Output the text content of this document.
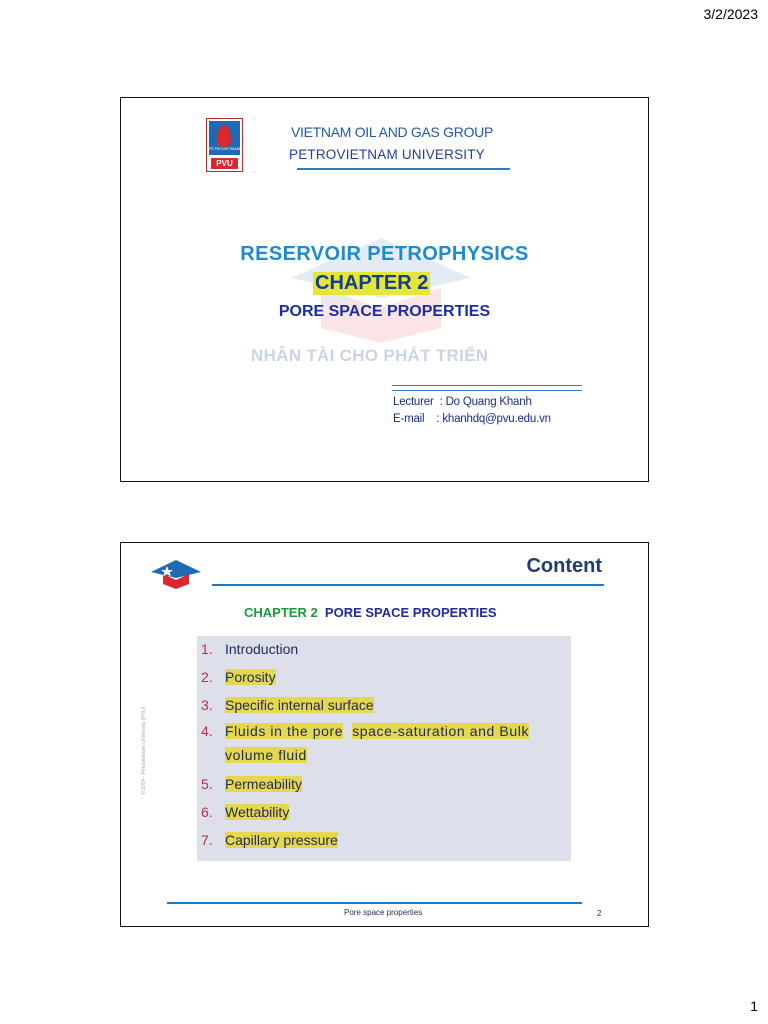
3/2/2023
PETROVIETNAM
PVU
VIETNAM OIL AND GAS GROUP
PETROVIETNAM UNIVERSITY
NHÂN TÀI CHO PHÁT TRIỂN
RESERVOIR PETROPHYSICS
CHAPTER 2
PORE SPACE PROPERTIES
Lecturer  : Do Quang Khanh
E-mail    : khanhdq@pvu.edu.vn
Content
CHAPTER 2 PORE SPACE PROPERTIES
1. Introduction
2. Porosity
3. Specific internal surface
4. Fluids in the pore space-saturation and Bulk
volume fluid
5. Permeability
6. Wettability
7. Capillary pressure
© 2014 - Petrovietnam University (PVU)
Pore space properties	2
1
